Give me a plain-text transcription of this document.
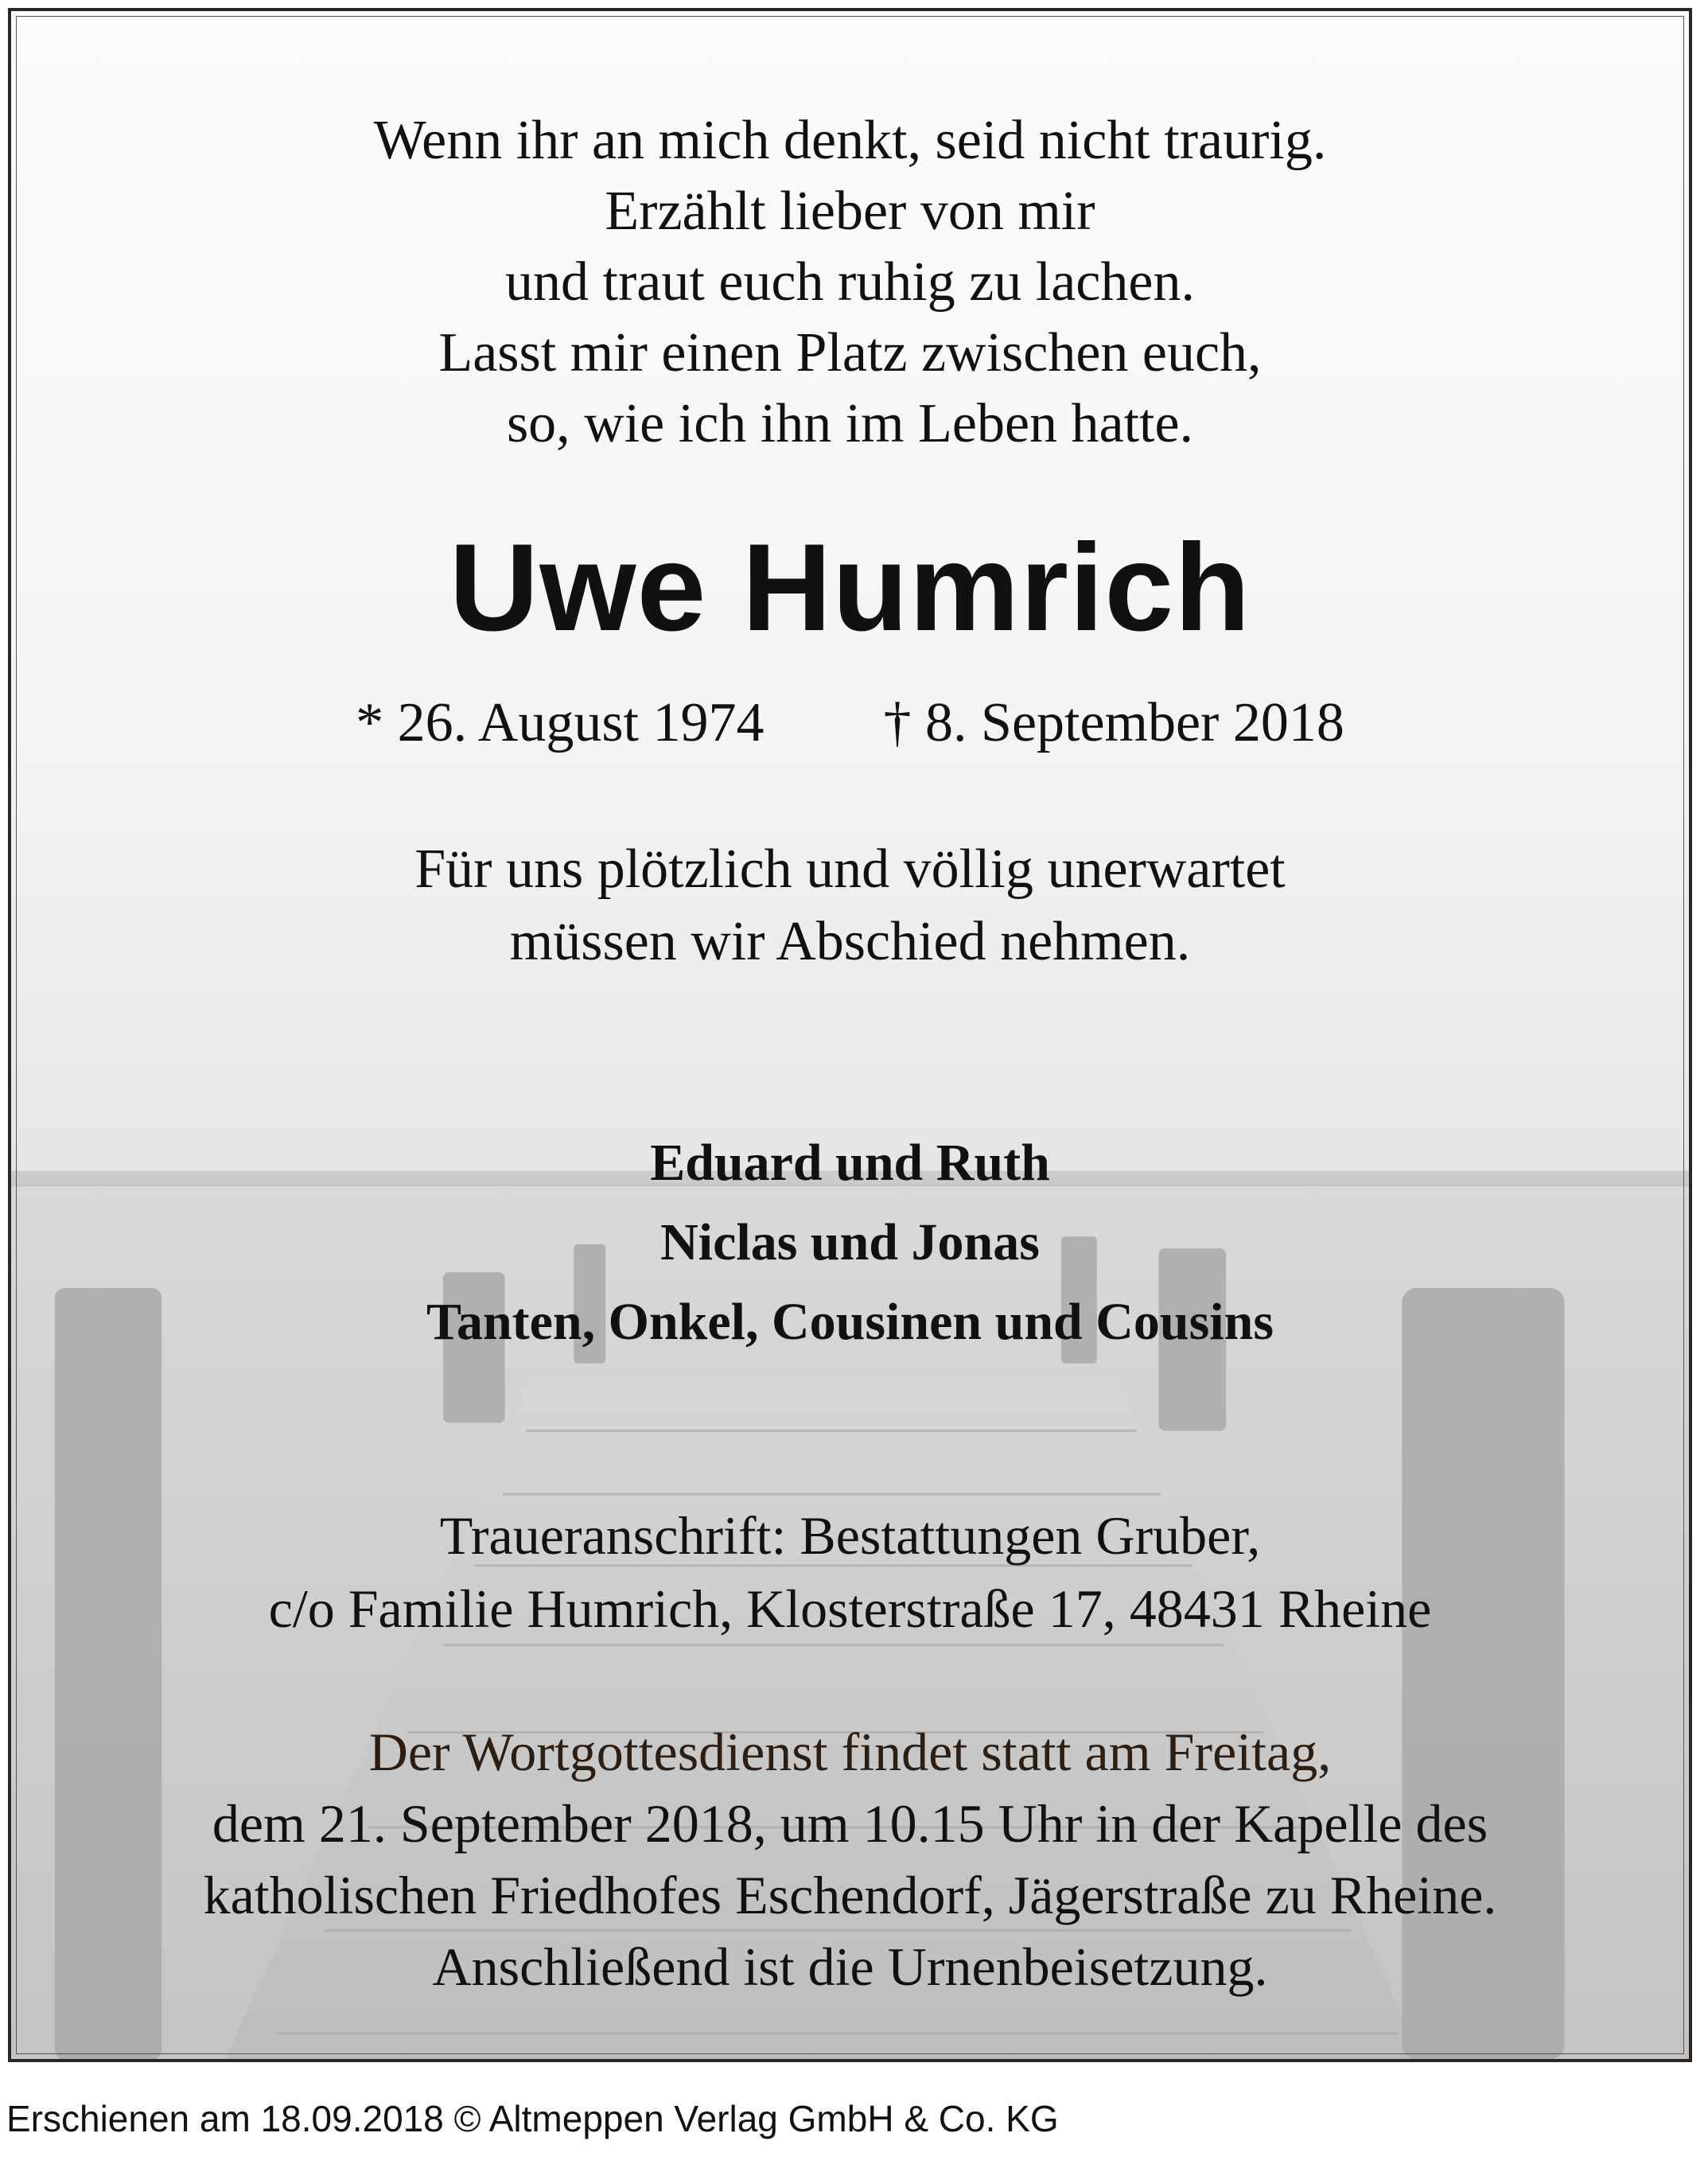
Wenn ihr an mich denkt, seid nicht traurig.
Erzählt lieber von mir
und traut euch ruhig zu lachen.
Lasst mir einen Platz zwischen euch,
so, wie ich ihn im Leben hatte.
Uwe Humrich
* 26. August 1974 † 8. September 2018
Für uns plötzlich und völlig unerwartet
müssen wir Abschied nehmen.
Eduard und Ruth
Niclas und Jonas
Tanten, Onkel, Cousinen und Cousins
Traueranschrift: Bestattungen Gruber,
c/o Familie Humrich, Klosterstraße 17, 48431 Rheine
Der Wortgottesdienst findet statt am Freitag,
dem 21. September 2018, um 10.15 Uhr in der Kapelle des
katholischen Friedhofes Eschendorf, Jägerstraße zu Rheine.
Anschließend ist die Urnenbeisetzung.
Erschienen am 18.09.2018 © Altmeppen Verlag GmbH & Co. KG
